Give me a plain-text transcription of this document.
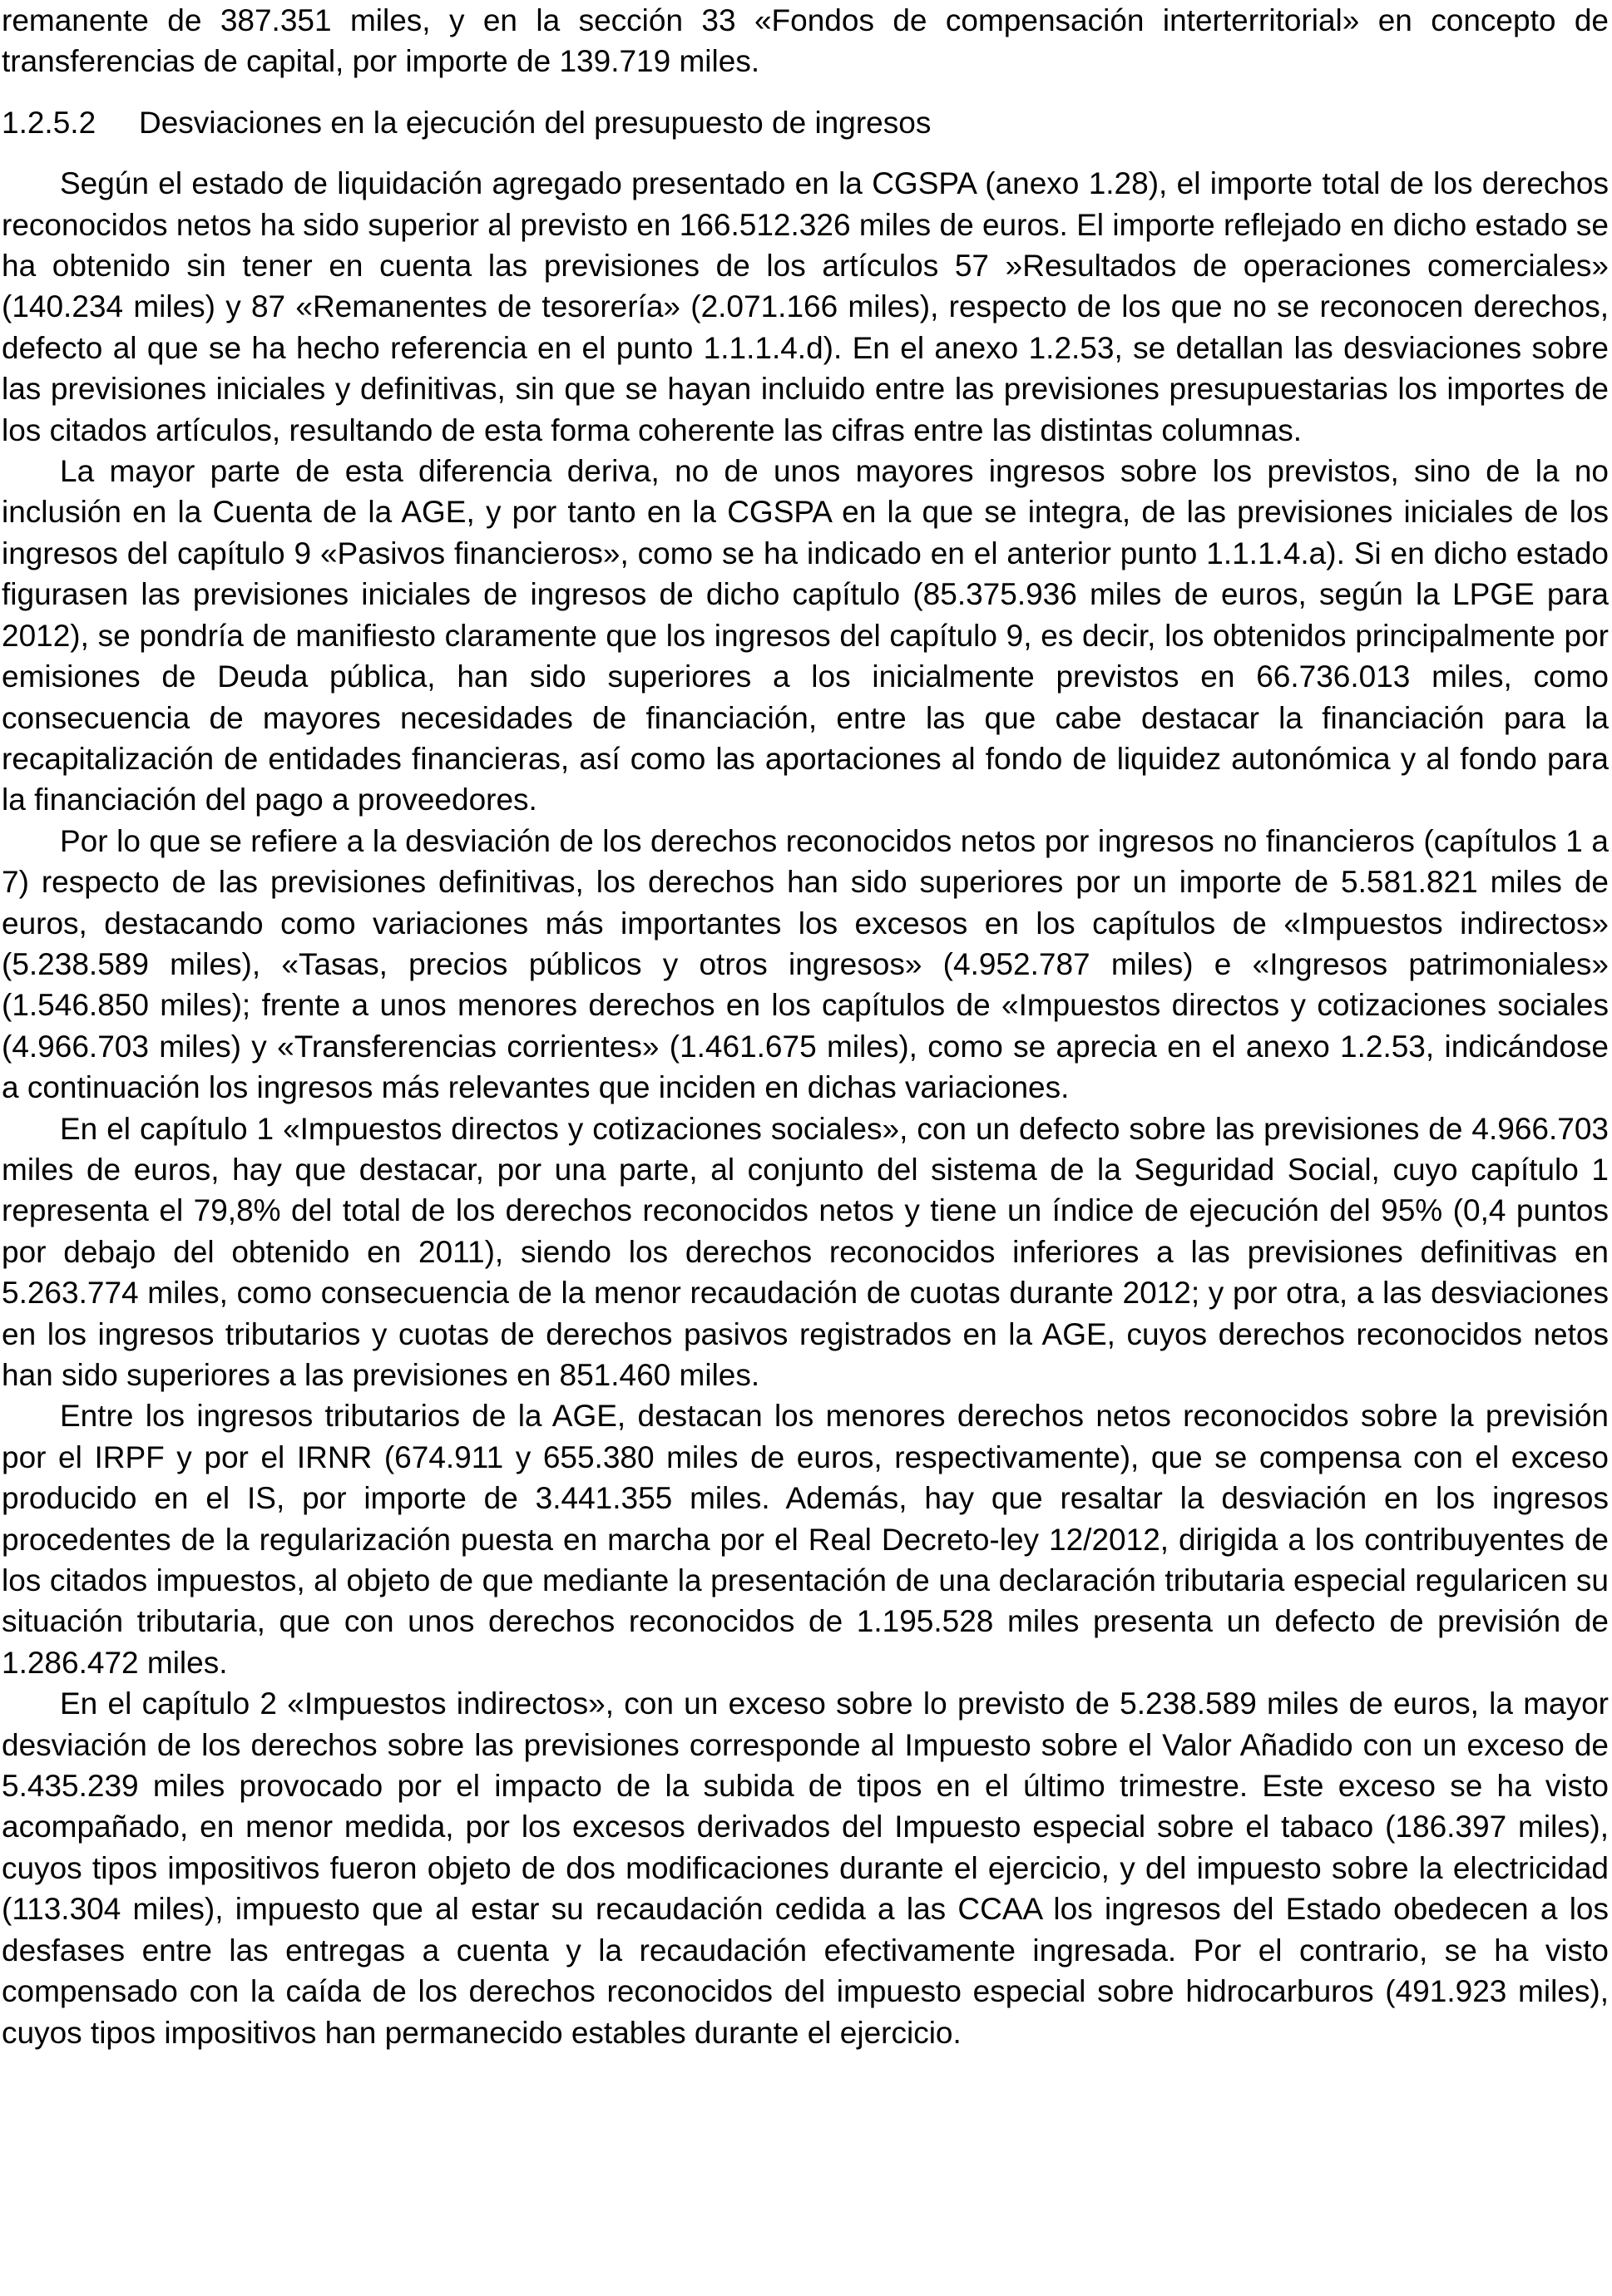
remanente de 387.351 miles, y en la sección 33 «Fondos de compensación interterritorial» en concepto de transferencias de capital, por importe de 139.719 miles.

1.2.5.2 Desviaciones en la ejecución del presupuesto de ingresos

Según el estado de liquidación agregado presentado en la CGSPA (anexo 1.28), el importe total de los derechos reconocidos netos ha sido superior al previsto en 166.512.326 miles de euros. El importe reflejado en dicho estado se ha obtenido sin tener en cuenta las previsiones de los artículos 57 »Resultados de operaciones comerciales» (140.234 miles) y 87 «Remanentes de tesorería» (2.071.166 miles), respecto de los que no se reconocen derechos, defecto al que se ha hecho referencia en el punto 1.1.1.4.d). En el anexo 1.2.53, se detallan las desviaciones sobre las previsiones iniciales y definitivas, sin que se hayan incluido entre las previsiones presupuestarias los importes de los citados artículos, resultando de esta forma coherente las cifras entre las distintas columnas.

La mayor parte de esta diferencia deriva, no de unos mayores ingresos sobre los previstos, sino de la no inclusión en la Cuenta de la AGE, y por tanto en la CGSPA en la que se integra, de las previsiones iniciales de los ingresos del capítulo 9 «Pasivos financieros», como se ha indicado en el anterior punto 1.1.1.4.a). Si en dicho estado figurasen las previsiones iniciales de ingresos de dicho capítulo (85.375.936 miles de euros, según la LPGE para 2012), se pondría de manifiesto claramente que los ingresos del capítulo 9, es decir, los obtenidos principalmente por emisiones de Deuda pública, han sido superiores a los inicialmente previstos en 66.736.013 miles, como consecuencia de mayores necesidades de financiación, entre las que cabe destacar la financiación para la recapitalización de entidades financieras, así como las aportaciones al fondo de liquidez autonómica y al fondo para la financiación del pago a proveedores.

Por lo que se refiere a la desviación de los derechos reconocidos netos por ingresos no financieros (capítulos 1 a 7) respecto de las previsiones definitivas, los derechos han sido superiores por un importe de 5.581.821 miles de euros, destacando como variaciones más importantes los excesos en los capítulos de «Impuestos indirectos» (5.238.589 miles), «Tasas, precios públicos y otros ingresos» (4.952.787 miles) e «Ingresos patrimoniales» (1.546.850 miles); frente a unos menores derechos en los capítulos de «Impuestos directos y cotizaciones sociales (4.966.703 miles) y «Transferencias corrientes» (1.461.675 miles), como se aprecia en el anexo 1.2.53, indicándose a continuación los ingresos más relevantes que inciden en dichas variaciones.

En el capítulo 1 «Impuestos directos y cotizaciones sociales», con un defecto sobre las previsiones de 4.966.703 miles de euros, hay que destacar, por una parte, al conjunto del sistema de la Seguridad Social, cuyo capítulo 1 representa el 79,8% del total de los derechos reconocidos netos y tiene un índice de ejecución del 95% (0,4 puntos por debajo del obtenido en 2011), siendo los derechos reconocidos inferiores a las previsiones definitivas en 5.263.774 miles, como consecuencia de la menor recaudación de cuotas durante 2012; y por otra, a las desviaciones en los ingresos tributarios y cuotas de derechos pasivos registrados en la AGE, cuyos derechos reconocidos netos han sido superiores a las previsiones en 851.460 miles.

Entre los ingresos tributarios de la AGE, destacan los menores derechos netos reconocidos sobre la previsión por el IRPF y por el IRNR (674.911 y 655.380 miles de euros, respectivamente), que se compensa con el exceso producido en el IS, por importe de 3.441.355 miles. Además, hay que resaltar la desviación en los ingresos procedentes de la regularización puesta en marcha por el Real Decreto-ley 12/2012, dirigida a los contribuyentes de los citados impuestos, al objeto de que mediante la presentación de una declaración tributaria especial regularicen su situación tributaria, que con unos derechos reconocidos de 1.195.528 miles presenta un defecto de previsión de 1.286.472 miles.

En el capítulo 2 «Impuestos indirectos», con un exceso sobre lo previsto de 5.238.589 miles de euros, la mayor desviación de los derechos sobre las previsiones corresponde al Impuesto sobre el Valor Añadido con un exceso de 5.435.239 miles provocado por el impacto de la subida de tipos en el último trimestre. Este exceso se ha visto acompañado, en menor medida, por los excesos derivados del Impuesto especial sobre el tabaco (186.397 miles), cuyos tipos impositivos fueron objeto de dos modificaciones durante el ejercicio, y del impuesto sobre la electricidad (113.304 miles), impuesto que al estar su recaudación cedida a las CCAA los ingresos del Estado obedecen a los desfases entre las entregas a cuenta y la recaudación efectivamente ingresada. Por el contrario, se ha visto compensado con la caída de los derechos reconocidos del impuesto especial sobre hidrocarburos (491.923 miles), cuyos tipos impositivos han permanecido estables durante el ejercicio.
